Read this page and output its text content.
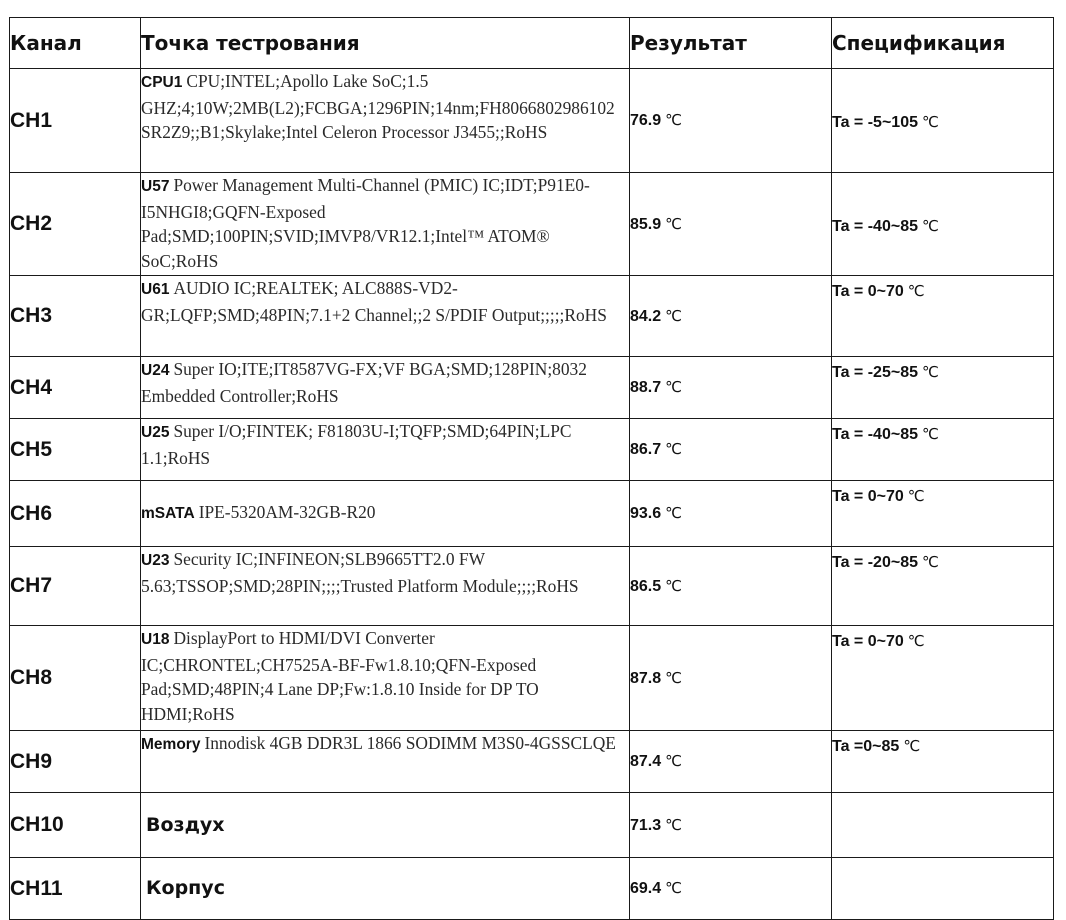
Канал	Точка тестрования	Результат	Спецификация
CH1	CPU1 CPU;INTEL;Apollo Lake SoC;1.5 GHZ;4;10W;2MB(L2);FCBGA;1296PIN;14nm;FH8066802986102 SR2Z9;;B1;Skylake;Intel Celeron Processor J3455;;RoHS	76.9 ℃	Ta = -5~105 ℃
CH2	U57 Power Management Multi-Channel (PMIC) IC;IDT;P91E0-I5NHGI8;GQFN-Exposed Pad;SMD;100PIN;SVID;IMVP8/VR12.1;Intel™ ATOM® SoC;RoHS	85.9 ℃	Ta = -40~85 ℃
CH3	U61 AUDIO IC;REALTEK; ALC888S-VD2-GR;LQFP;SMD;48PIN;7.1+2 Channel;;2 S/PDIF Output;;;;;RoHS	84.2 ℃	Ta = 0~70 ℃
CH4	U24 Super IO;ITE;IT8587VG-FX;VF BGA;SMD;128PIN;8032 Embedded Controller;RoHS	88.7 ℃	Ta = -25~85 ℃
CH5	U25 Super I/O;FINTEK; F81803U-I;TQFP;SMD;64PIN;LPC 1.1;RoHS	86.7 ℃	Ta = -40~85 ℃
CH6	mSATA IPE-5320AM-32GB-R20	93.6 ℃	Ta = 0~70 ℃
CH7	U23 Security IC;INFINEON;SLB9665TT2.0 FW 5.63;TSSOP;SMD;28PIN;;;;Trusted Platform Module;;;;RoHS	86.5 ℃	Ta = -20~85 ℃
CH8	U18 DisplayPort to HDMI/DVI Converter IC;CHRONTEL;CH7525A-BF-Fw1.8.10;QFN-Exposed Pad;SMD;48PIN;4 Lane DP;Fw:1.8.10 Inside for DP TO HDMI;RoHS	87.8 ℃	Ta = 0~70 ℃
CH9	Memory Innodisk 4GB DDR3L 1866 SODIMM M3S0-4GSSCLQE	87.4 ℃	Ta =0~85 ℃
CH10	Воздух	71.3 ℃	
CH11	Корпус	69.4 ℃	
